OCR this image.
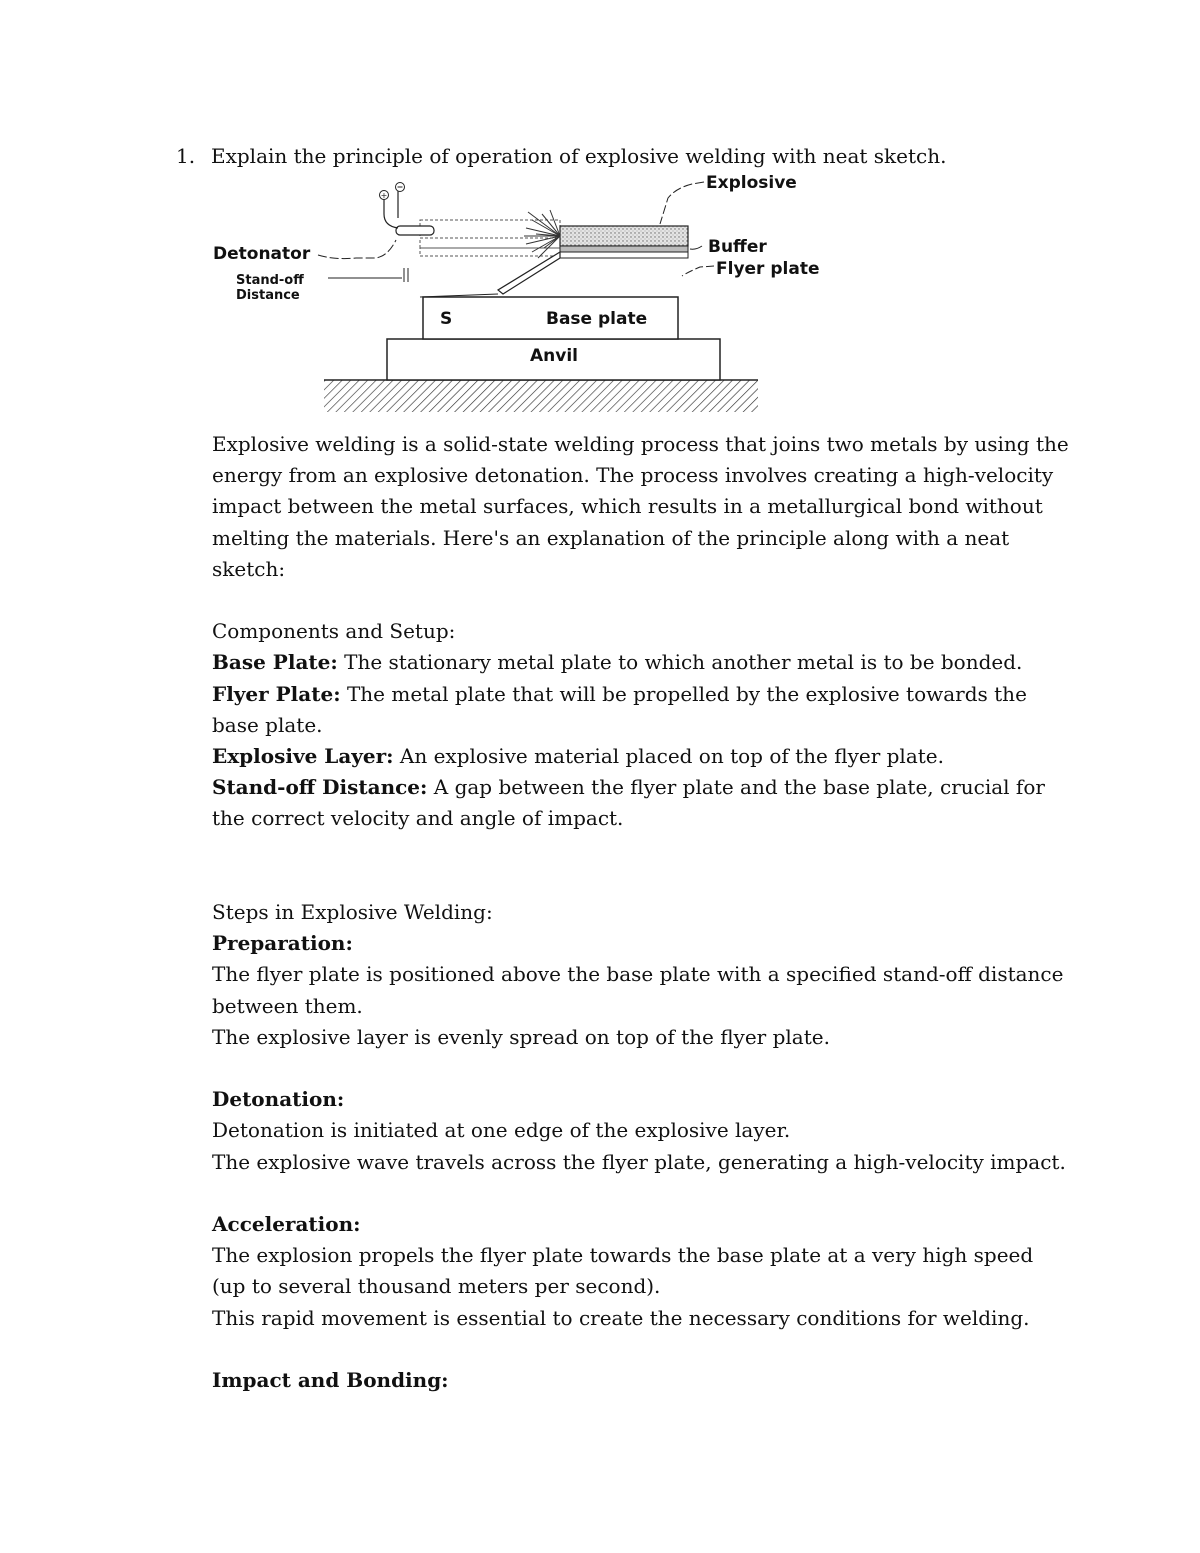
1. Explain the principle of operation of explosive welding with neat sketch.
Anvil
S	Base plate
+
Explosive
Buffer
Flyer plate
Detonator
Stand-off
Distance

Explosive welding is a solid-state welding process that joins two metals by using the energy from an explosive detonation. The process involves creating a high-velocity impact between the metal surfaces, which results in a metallurgical bond without melting the materials. Here's an explanation of the principle along with a neat sketch:

Components and Setup:

Base Plate: The stationary metal plate to which another metal is to be bonded.

Flyer Plate: The metal plate that will be propelled by the explosive towards the base plate.

Explosive Layer: An explosive material placed on top of the flyer plate.

Stand-off Distance: A gap between the flyer plate and the base plate, crucial for the correct velocity and angle of impact.

Steps in Explosive Welding:

Preparation:

The flyer plate is positioned above the base plate with a specified stand-off distance between them.

The explosive layer is evenly spread on top of the flyer plate.

Detonation:

Detonation is initiated at one edge of the explosive layer.

The explosive wave travels across the flyer plate, generating a high-velocity impact.

Acceleration:

The explosion propels the flyer plate towards the base plate at a very high speed (up to several thousand meters per second).

This rapid movement is essential to create the necessary conditions for welding.

Impact and Bonding:
